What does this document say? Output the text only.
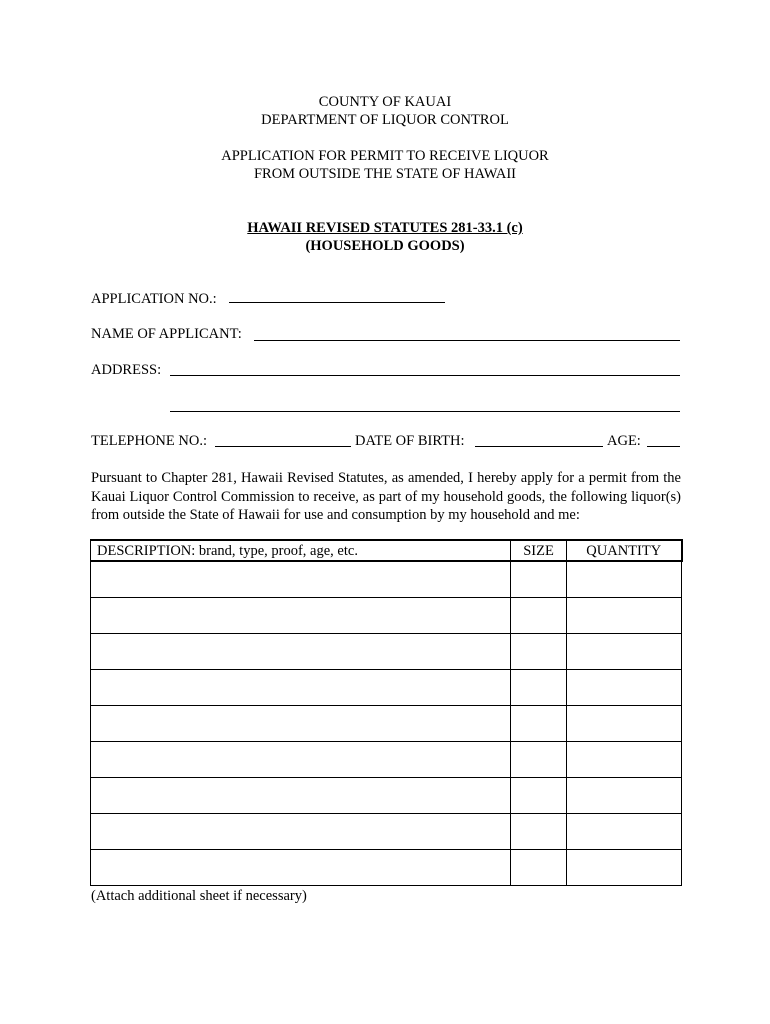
COUNTY OF KAUAI
DEPARTMENT OF LIQUOR CONTROL
APPLICATION FOR PERMIT TO RECEIVE LIQUOR
FROM OUTSIDE THE STATE OF HAWAII
HAWAII REVISED STATUTES 281-33.1 (c)
(HOUSEHOLD GOODS)
APPLICATION NO.:
NAME OF APPLICANT:
ADDRESS:
TELEPHONE NO.:	DATE OF BIRTH:	AGE:
Pursuant to Chapter 281, Hawaii Revised Statutes, as amended, I hereby apply for a permit from the Kauai Liquor Control Commission to receive, as part of my household goods, the following liquor(s) from outside the State of Hawaii for use and consumption by my household and me:
DESCRIPTION: brand, type, proof, age, etc.	SIZE	QUANTITY

(Attach additional sheet if necessary)
